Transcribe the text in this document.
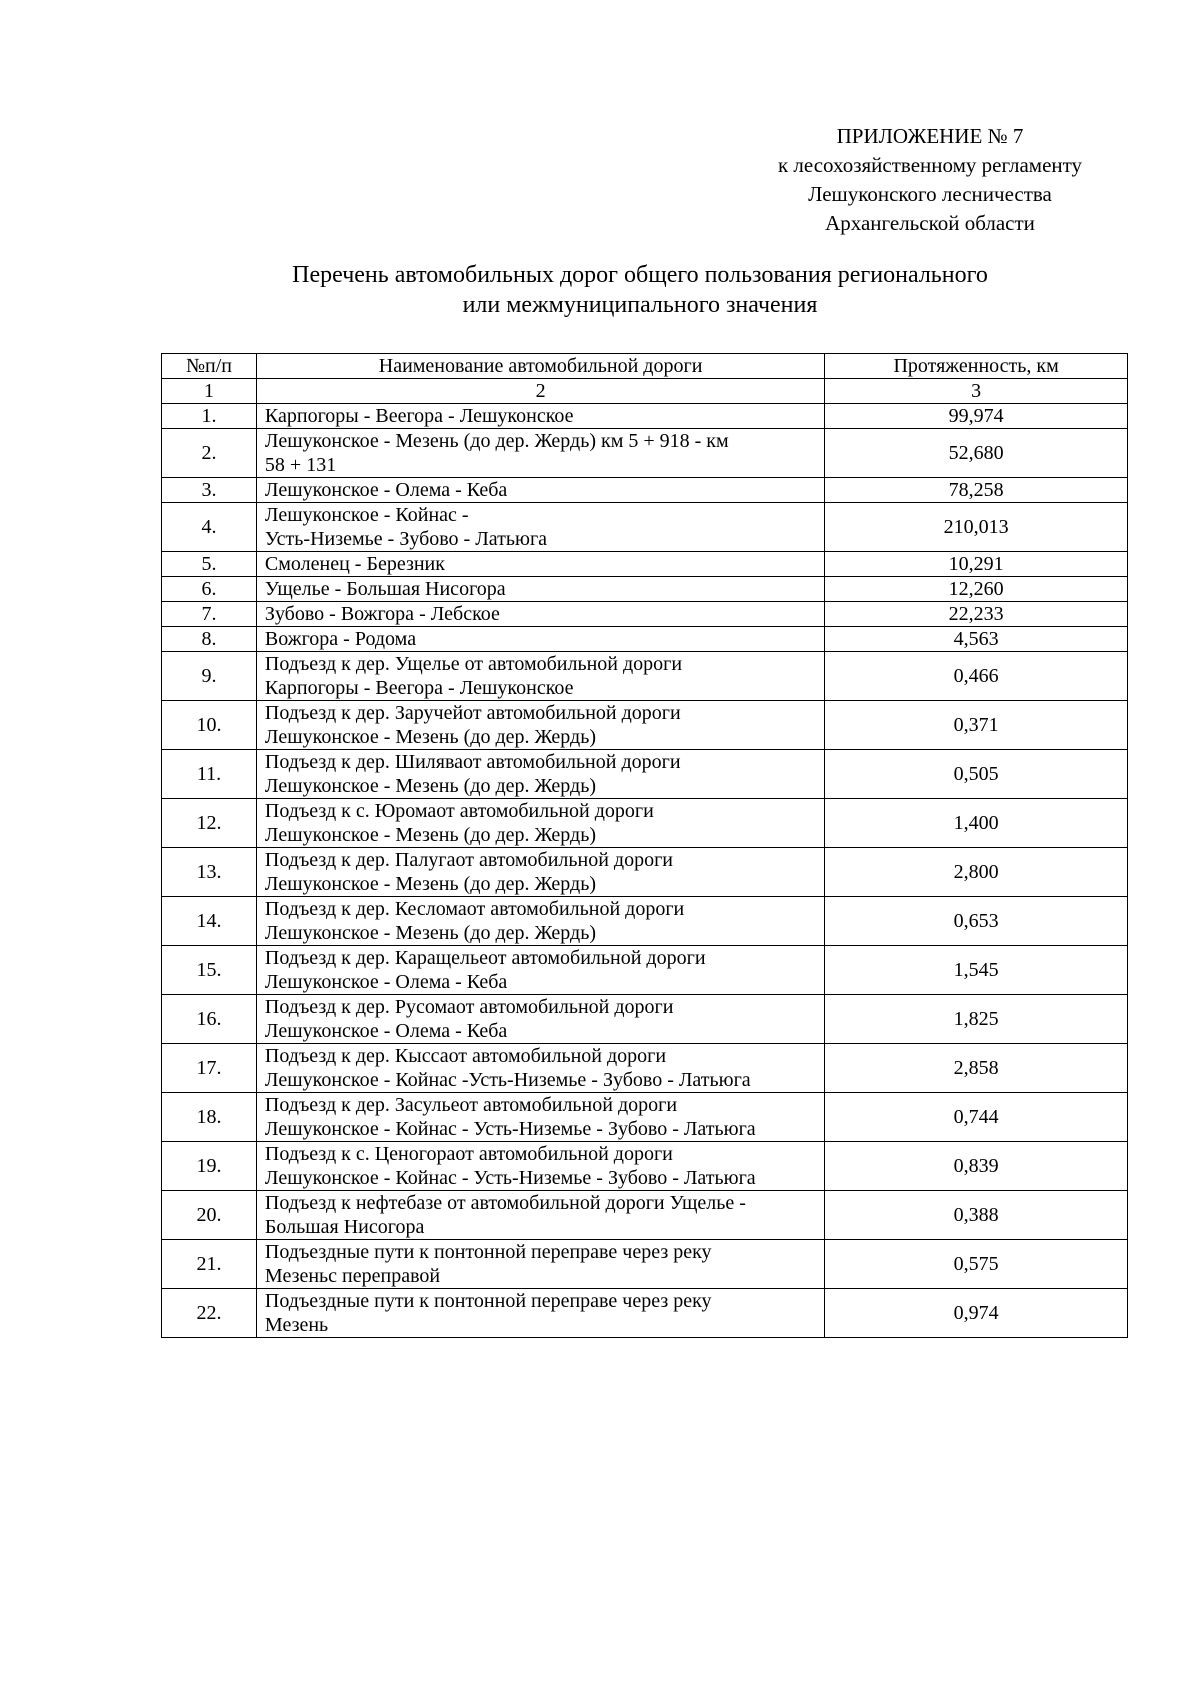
ПРИЛОЖЕНИЕ № 7
к лесохозяйственному регламенту
Лешуконского лесничества
Архангельской области
Перечень автомобильных дорог общего пользования регионального
или межмуниципального значения
№п/п	Наименование автомобильной дороги	Протяженность, км
1	2	3
1.	Карпогоры - Веегора - Лешуконское	99,974
2.	Лешуконское - Мезень (до дер. Жердь) км 5 + 918 - км
58 + 131	52,680
3.	Лешуконское - Олема - Кеба	78,258
4.	Лешуконское - Койнас -
Усть-Низемье - Зубово - Латьюга	210,013
5.	Смоленец - Березник	10,291
6.	Ущелье - Большая Нисогора	12,260
7.	Зубово - Вожгора - Лебское	22,233
8.	Вожгора - Родома	4,563
9.	Подъезд к дер. Ущелье от автомобильной дороги
Карпогоры - Веегора - Лешуконское	0,466
10.	Подъезд к дер. Заручейот автомобильной дороги
Лешуконское - Мезень (до дер. Жердь)	0,371
11.	Подъезд к дер. Шиляваот автомобильной дороги
Лешуконское - Мезень (до дер. Жердь)	0,505
12.	Подъезд к с. Юромаот автомобильной дороги
Лешуконское - Мезень (до дер. Жердь)	1,400
13.	Подъезд к дер. Палугаот автомобильной дороги
Лешуконское - Мезень (до дер. Жердь)	2,800
14.	Подъезд к дер. Кесломаот автомобильной дороги
Лешуконское - Мезень (до дер. Жердь)	0,653
15.	Подъезд к дер. Каращельеот автомобильной дороги
Лешуконское - Олема - Кеба	1,545
16.	Подъезд к дер. Русомаот автомобильной дороги
Лешуконское - Олема - Кеба	1,825
17.	Подъезд к дер. Кыссаот автомобильной дороги
Лешуконское - Койнас -Усть-Низемье - Зубово - Латьюга	2,858
18.	Подъезд к дер. Засульеот автомобильной дороги
Лешуконское - Койнас - Усть-Низемье - Зубово - Латьюга	0,744
19.	Подъезд к с. Ценогораот автомобильной дороги
Лешуконское - Койнас - Усть-Низемье - Зубово - Латьюга	0,839
20.	Подъезд к нефтебазе от автомобильной дороги Ущелье -
Большая Нисогора	0,388
21.	Подъездные пути к понтонной переправе через реку
Мезеньс переправой	0,575
22.	Подъездные пути к понтонной переправе через реку
Мезень	0,974
